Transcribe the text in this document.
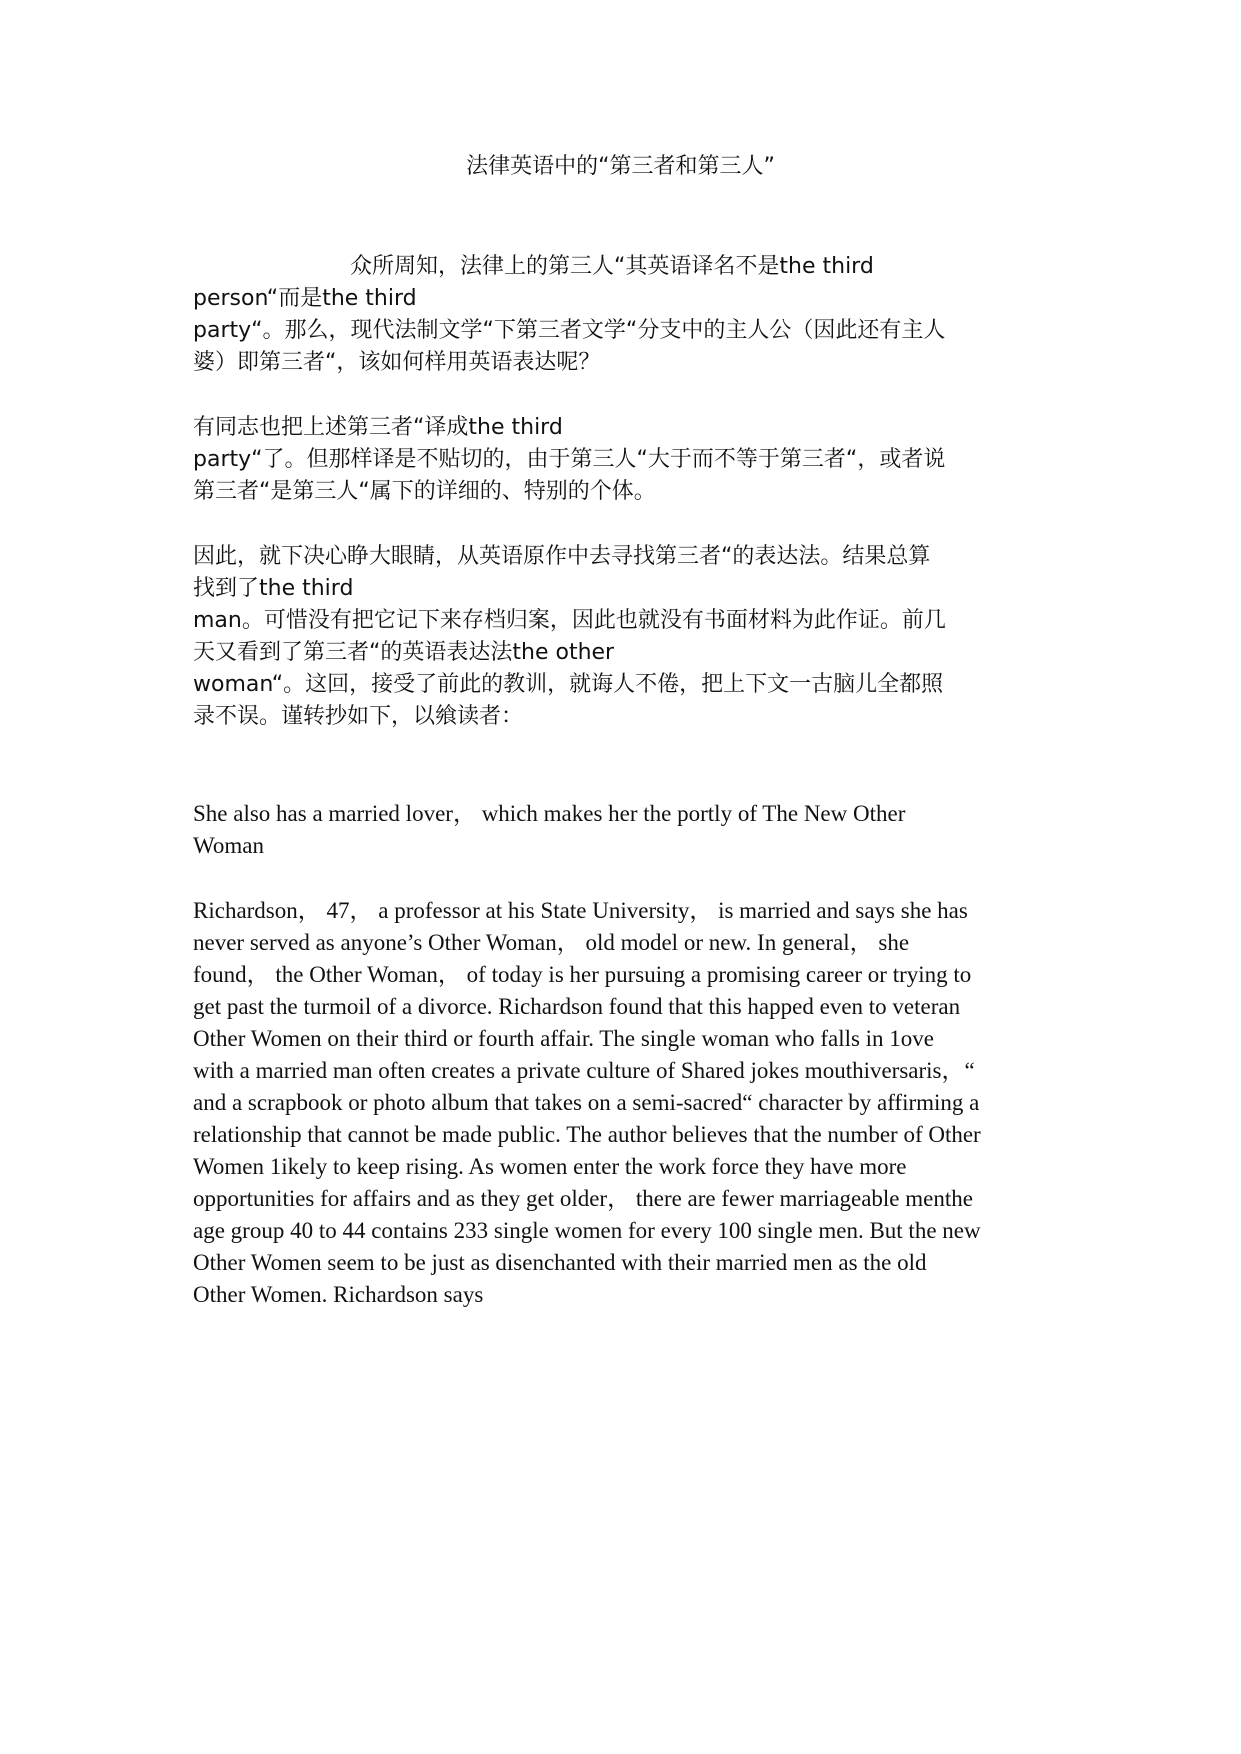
法律英语中的“第三者和第三人”
众所周知，法律上的第三人“其英语译名不是the third
person“而是the third
party“。那么，现代法制文学“下第三者文学“分支中的主人公（因此还有主人
婆）即第三者“，该如何样用英语表达呢？
有同志也把上述第三者“译成the third
party“了。但那样译是不贴切的，由于第三人“大于而不等于第三者“，或者说
第三者“是第三人“属下的详细的、特别的个体。
因此，就下决心睁大眼睛，从英语原作中去寻找第三者“的表达法。结果总算
找到了the third
man。可惜没有把它记下来存档归案，因此也就没有书面材料为此作证。前几
天又看到了第三者“的英语表达法the other
woman“。这回，接受了前此的教训，就诲人不倦，把上下文一古脑儿全都照
录不误。谨转抄如下，以飨读者：
She also has a married lover， which makes her the portly of The New Other
Woman
Richardson， 47， a professor at his State University， is married and says she has
never served as anyone’s Other Woman， old model or new. In general， she
found， the Other Woman， of today is her pursuing a promising career or trying to
get past the turmoil of a divorce. Richardson found that this happed even to veteran
Other Women on their third or fourth affair. The single woman who falls in 1ove
with a married man often creates a private culture of Shared jokes mouthiversaris，“
and a scrapbook or photo album that takes on a semi-sacred“ character by affirming a
relationship that cannot be made public. The author believes that the number of Other
Women 1ikely to keep rising. As women enter the work force they have more
opportunities for affairs and as they get older， there are fewer marriageable menthe
age group 40 to 44 contains 233 single women for every 100 single men. But the new
Other Women seem to be just as disenchanted with their married men as the old
Other Women. Richardson says
